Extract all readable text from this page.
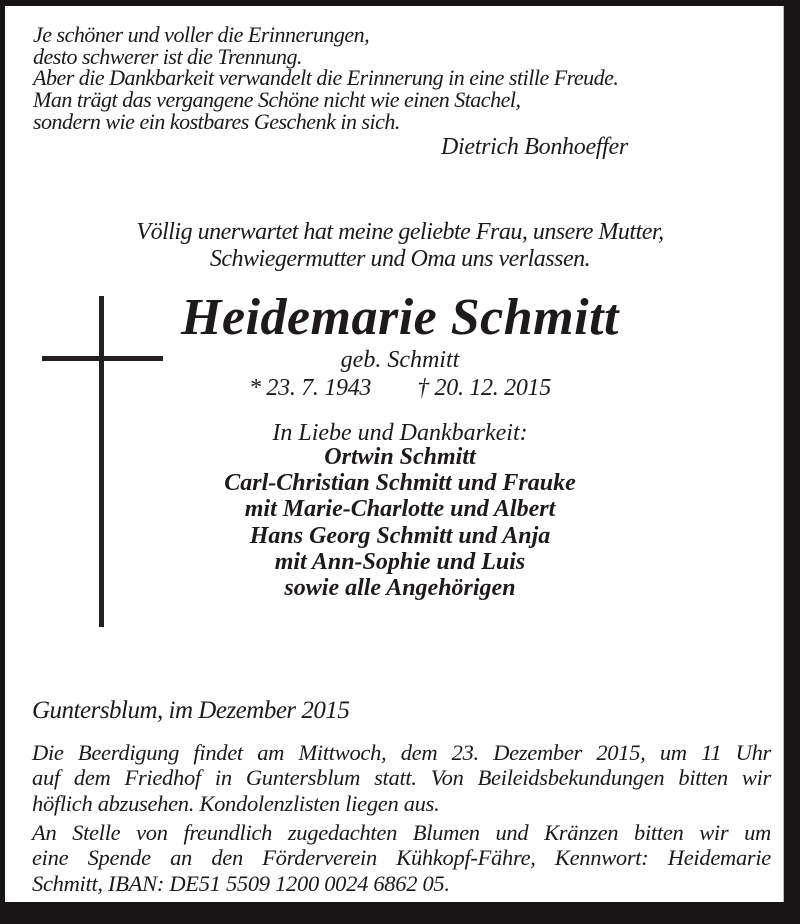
Je schöner und voller die Erinnerungen,
desto schwerer ist die Trennung.
Aber die Dankbarkeit verwandelt die Erinnerung in eine stille Freude.
Man trägt das vergangene Schöne nicht wie einen Stachel,
sondern wie ein kostbares Geschenk in sich.
Dietrich Bonhoeffer
Völlig unerwartet hat meine geliebte Frau, unsere Mutter,
Schwiegermutter und Oma uns verlassen.
Heidemarie Schmitt
geb. Schmitt
* 23. 7. 1943 † 20. 12. 2015
In Liebe und Dankbarkeit:
Ortwin Schmitt
Carl-Christian Schmitt und Frauke
mit Marie-Charlotte und Albert
Hans Georg Schmitt und Anja
mit Ann-Sophie und Luis
sowie alle Angehörigen
Guntersblum, im Dezember 2015
Die Beerdigung findet am Mittwoch, dem 23. Dezember 2015, um 11 Uhr
auf dem Friedhof in Guntersblum statt. Von Beileidsbekundungen bitten wir
höflich abzusehen. Kondolenzlisten liegen aus.
An Stelle von freundlich zugedachten Blumen und Kränzen bitten wir um
eine Spende an den Förderverein Kühkopf-Fähre, Kennwort: Heidemarie
Schmitt, IBAN: DE51 5509 1200 0024 6862 05.
